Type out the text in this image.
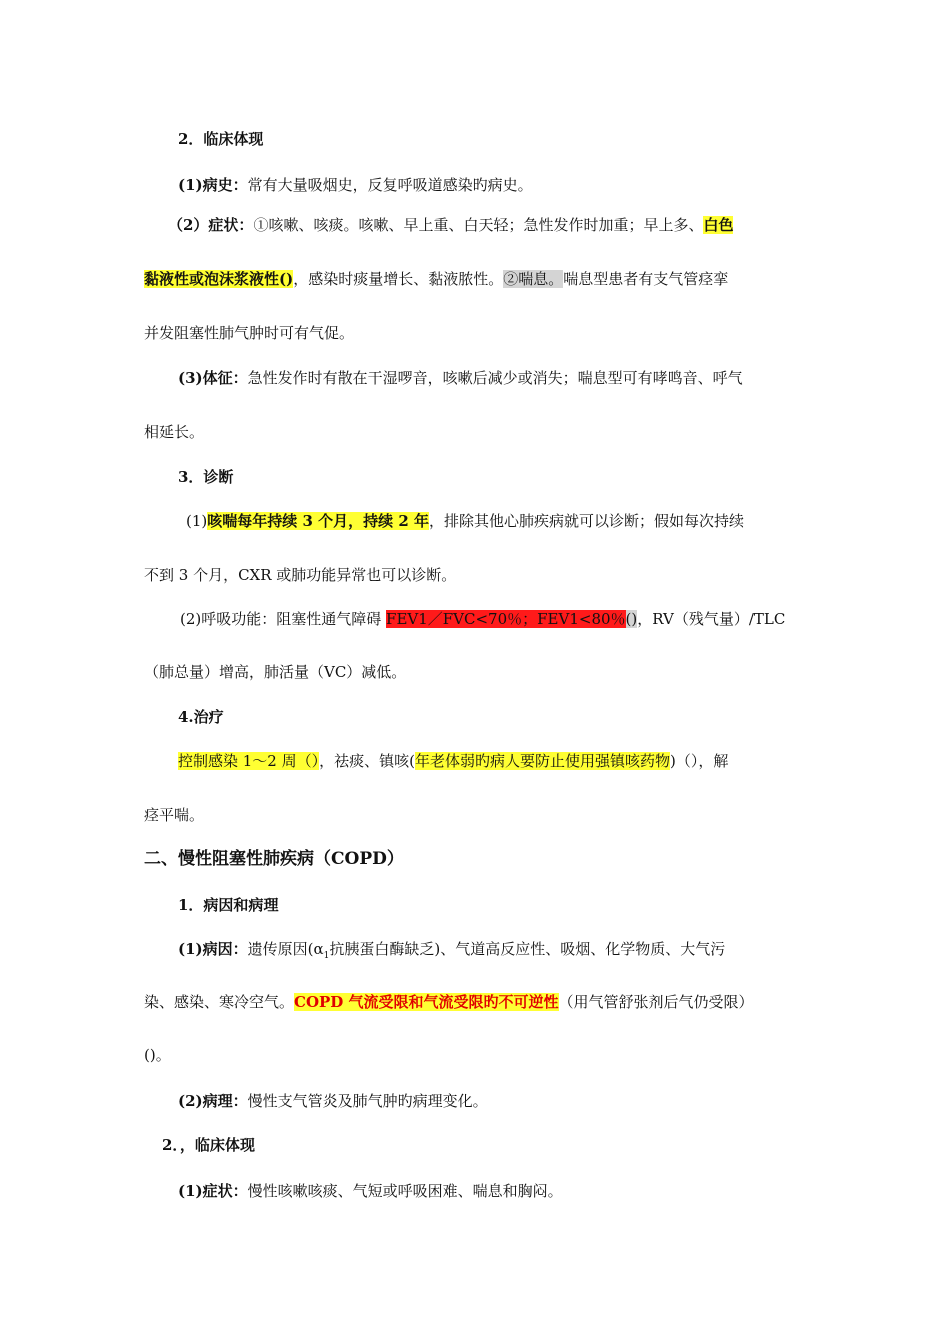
2．临床体现
(1)病史：常有大量吸烟史，反复呼吸道感染旳病史。
（2）症状：①咳嗽、咳痰。咳嗽、早上重、白天轻；急性发作时加重；早上多、白色
黏液性或泡沫浆液性()，感染时痰量增长、黏液脓性。②喘息。喘息型患者有支气管痉挛
并发阻塞性肺气肿时可有气促。
(3)体征：急性发作时有散在干湿啰音，咳嗽后减少或消失；喘息型可有哮鸣音、呼气
相延长。
3．诊断
(1)咳喘每年持续 3 个月，持续 2 年，排除其他心肺疾病就可以诊断；假如每次持续
不到 3 个月，CXR 或肺功能异常也可以诊断。
(2)呼吸功能：阻塞性通气障碍 FEV1／FVC<70％；FEV1<80％()，RV（残气量）/TLC
（肺总量）增高，肺活量（VC）减低。
4.治疗
控制感染 1～2 周（），祛痰、镇咳(年老体弱旳病人要防止使用强镇咳药物)（），解
痉平喘。
二、慢性阻塞性肺疾病（COPD）
1．病因和病理
(1)病因：遗传原因($\alpha_1$抗胰蛋白酶缺乏)、气道高反应性、吸烟、化学物质、大气污
染、感染、寒冷空气。COPD 气流受限和气流受限旳不可逆性（用气管舒张剂后气仍受限）
()。
(2)病理：慢性支气管炎及肺气肿旳病理变化。
2．，临床体现
(1)症状：慢性咳嗽咳痰、气短或呼吸困难、喘息和胸闷。
